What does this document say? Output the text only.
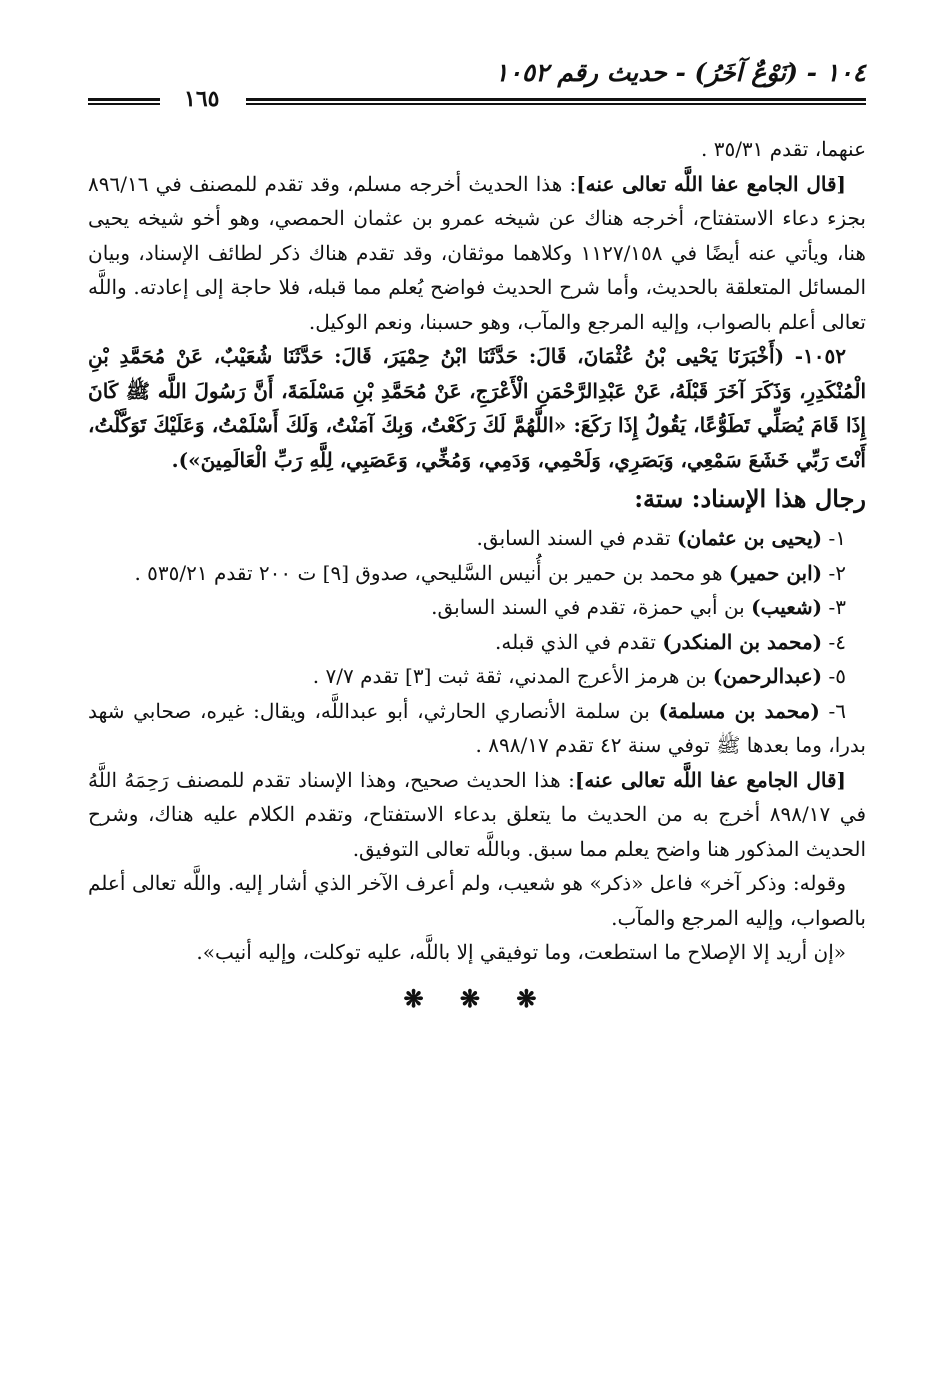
١٠٤ - (نَوْعٌ آخَرُ) - حديث رقم ١٠٥٢
١٦٥

عنهما، تقدم ٣٥/٣١ .

[قال الجامع عفا اللَّه تعالى عنه]: هذا الحديث أخرجه مسلم، وقد تقدم للمصنف في ٨٩٦/١٦ بجزء دعاء الاستفتاح، أخرجه هناك عن شيخه عمرو بن عثمان الحمصي، وهو أخو شيخه يحيى هنا، ويأتي عنه أيضًا في ١١٢٧/١٥٨ وكلاهما موثقان، وقد تقدم هناك ذكر لطائف الإسناد، وبيان المسائل المتعلقة بالحديث، وأما شرح الحديث فواضح يُعلم مما قبله، فلا حاجة إلى إعادته. واللَّه تعالى أعلم بالصواب، وإليه المرجع والمآب، وهو حسبنا، ونعم الوكيل.

١٠٥٢- (أَخْبَرَنَا يَحْيى بْنُ عُثْمَانَ، قَالَ: حَدَّثَنَا ابْنُ حِمْيَرَ، قَالَ: حَدَّثَنَا شُعَيْبٌ، عَنْ مُحَمَّدِ بْنِ الْمُنْكَدِرِ، وَذَكَرَ آخَرَ قَبْلَهُ، عَنْ عَبْدِالرَّحْمَنِ الْأَعْرَجِ، عَنْ مُحَمَّدِ بْنِ مَسْلَمَةَ، أَنَّ رَسُولَ اللَّه ﷺ كَانَ إِذَا قَامَ يُصَلِّي تَطَوُّعًا، يَقُولُ إِذَا رَكَعَ: «اللَّهُمَّ لَكَ رَكَعْتُ، وَبِكَ آمَنْتُ، وَلَكَ أَسْلَمْتُ، وَعَلَيْكَ تَوَكَّلْتُ، أَنْتَ رَبِّي خَشَعَ سَمْعِي، وَبَصَرِي، وَلَحْمِي، وَدَمِي، وَمُخِّي، وَعَصَبِي، لِلَّهِ رَبِّ الْعَالَمِينَ»).

رجال هذا الإسناد: ستة:

١- (يحيى بن عثمان) تقدم في السند السابق.

٢- (ابن حمير) هو محمد بن حمير بن أُنيس السَّليحي، صدوق [٩] ت ٢٠٠ تقدم ٥٣٥/٢١ .

٣- (شعيب) بن أبي حمزة، تقدم في السند السابق.

٤- (محمد بن المنكدر) تقدم في الذي قبله.

٥- (عبدالرحمن) بن هرمز الأعرج المدني، ثقة ثبت [٣] تقدم ٧/٧ .

٦- (محمد بن مسلمة) بن سلمة الأنصاري الحارثي، أبو عبداللَّه، ويقال: غيره، صحابي شهد بدرا، وما بعدها ﷺ توفي سنة ٤٢ تقدم ٨٩٨/١٧ .

[قال الجامع عفا اللَّه تعالى عنه]: هذا الحديث صحيح، وهذا الإسناد تقدم للمصنف رَحِمَهُ اللَّهُ في ٨٩٨/١٧ أخرج به من الحديث ما يتعلق بدعاء الاستفتاح، وتقدم الكلام عليه هناك، وشرح الحديث المذكور هنا واضح يعلم مما سبق. وباللَّه تعالى التوفيق.

وقوله: وذكر آخر» فاعل «ذكر» هو شعيب، ولم أعرف الآخر الذي أشار إليه. واللَّه تعالى أعلم بالصواب، وإليه المرجع والمآب.

«إن أريد إلا الإصلاح ما استطعت، وما توفيقي إلا باللَّه، عليه توكلت، وإليه أنيب».

❋ ❋ ❋
